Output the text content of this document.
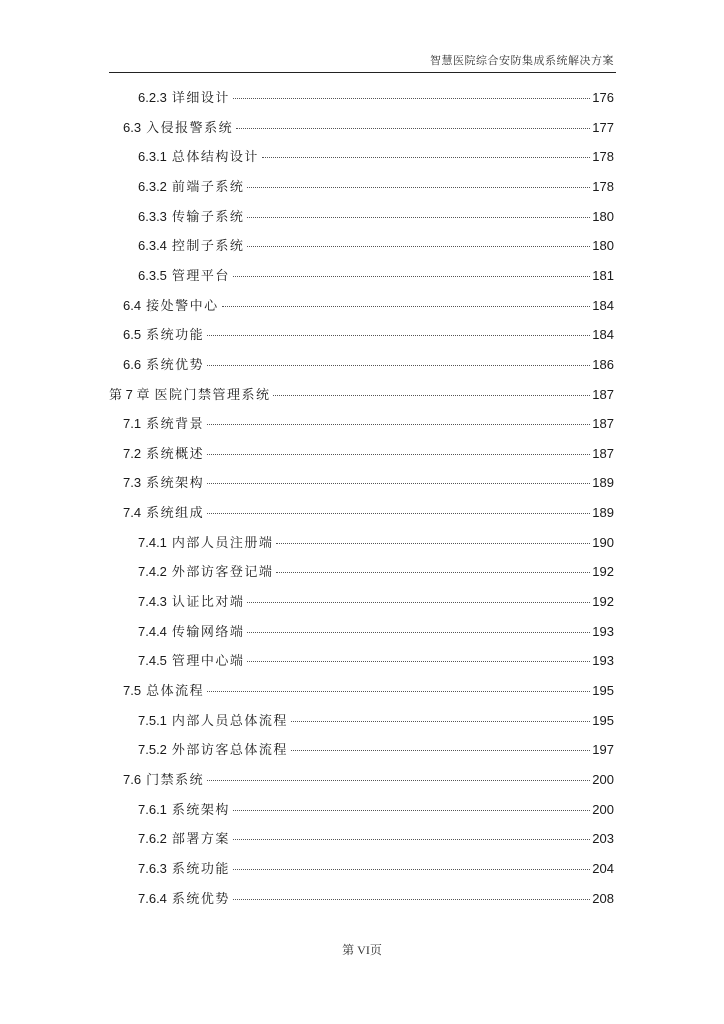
智慧医院综合安防集成系统解决方案
6.2.3 详细设计	176
6.3 入侵报警系统	177
6.3.1 总体结构设计	178
6.3.2 前端子系统	178
6.3.3 传输子系统	180
6.3.4 控制子系统	180
6.3.5 管理平台	181
6.4 接处警中心	184
6.5 系统功能	184
6.6 系统优势	186
第 7 章 医院门禁管理系统	187
7.1 系统背景	187
7.2 系统概述	187
7.3 系统架构	189
7.4 系统组成	189
7.4.1 内部人员注册端	190
7.4.2 外部访客登记端	192
7.4.3 认证比对端	192
7.4.4 传输网络端	193
7.4.5 管理中心端	193
7.5 总体流程	195
7.5.1 内部人员总体流程	195
7.5.2 外部访客总体流程	197
7.6 门禁系统	200
7.6.1 系统架构	200
7.6.2 部署方案	203
7.6.3 系统功能	204
7.6.4 系统优势	208
第 VI页
